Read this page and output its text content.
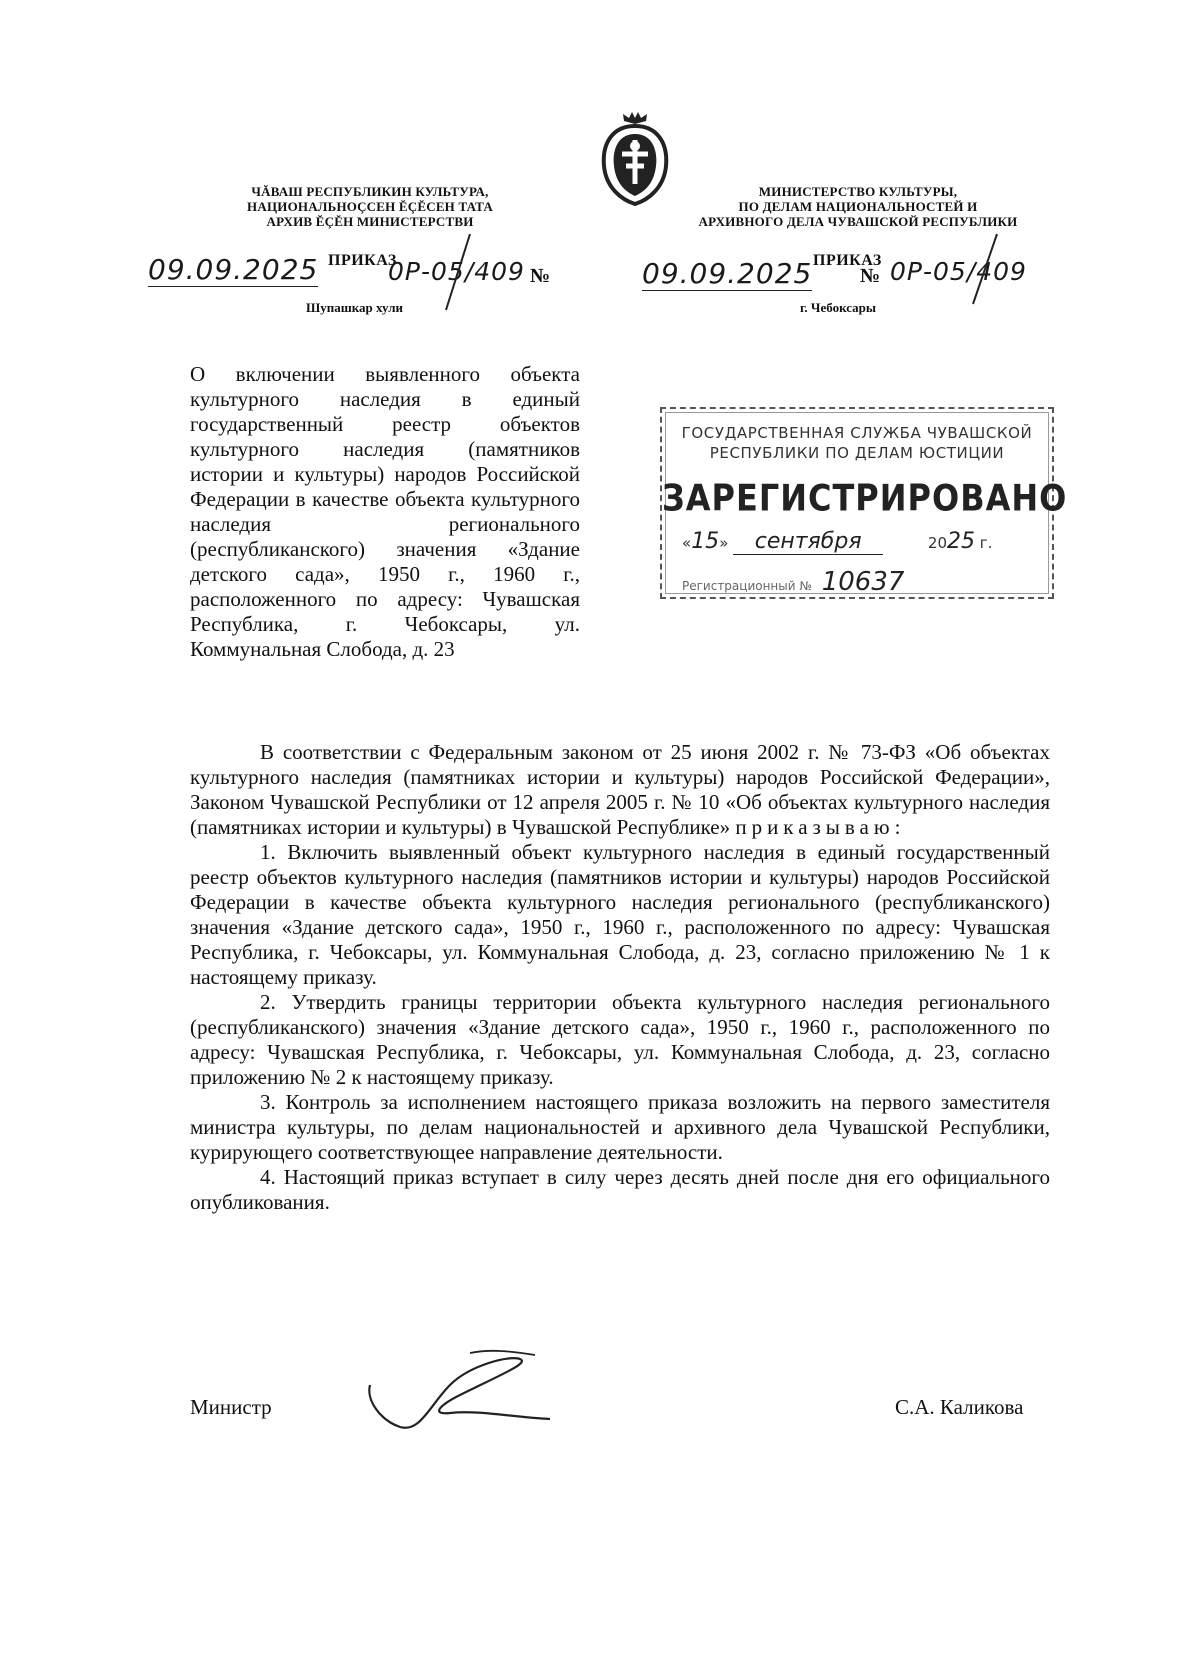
ЧĂВАШ РЕСПУБЛИКИН КУЛЬТУРА,
НАЦИОНАЛЬНОÇСЕН ĔÇĔСЕН ТАТА
АРХИВ ĔÇĔН МИНИСТЕРСТВИ
МИНИСТЕРСТВО КУЛЬТУРЫ,
ПО ДЕЛАМ НАЦИОНАЛЬНОСТЕЙ И
АРХИВНОГО ДЕЛА ЧУВАШСКОЙ РЕСПУБЛИКИ
ПРИКАЗ	ПРИКАЗ
09.09.2025	0Р-05/409 №
Шупашкар хули
09.09.2025 № 0Р-05/409
г. Чебоксары
О включении выявленного объекта культурного наследия в единый государственный реестр объектов культурного наследия (памятников истории и культуры) народов Российской Федерации в качестве объекта культурного наследия регионального (республиканского) значения «Здание детского сада», 1950 г., 1960 г., расположенного по адресу: Чувашская Республика, г. Чебоксары, ул. Коммунальная Слобода, д. 23
ГОСУДАРСТВЕННАЯ СЛУЖБА ЧУВАШСКОЙ
РЕСПУБЛИКИ ПО ДЕЛАМ ЮСТИЦИИ
ЗАРЕГИСТРИРОВАНО
«15» сентября	2025 г.
Регистрационный № 10637

В соответствии с Федеральным законом от 25 июня 2002 г. № 73-ФЗ «Об объектах культурного наследия (памятниках истории и культуры) народов Российской Федерации», Законом Чувашской Республики от 12 апреля 2005 г. № 10 «Об объектах культурного наследия (памятниках истории и культуры) в Чувашской Республике» приказываю:

1. Включить выявленный объект культурного наследия в единый государственный реестр объектов культурного наследия (памятников истории и культуры) народов Российской Федерации в качестве объекта культурного наследия регионального (республиканского) значения «Здание детского сада», 1950 г., 1960 г., расположенного по адресу: Чувашская Республика, г. Чебоксары, ул. Коммунальная Слобода, д. 23, согласно приложению № 1 к настоящему приказу.

2. Утвердить границы территории объекта культурного наследия регионального (республиканского) значения «Здание детского сада», 1950 г., 1960 г., расположенного по адресу: Чувашская Республика, г. Чебоксары, ул. Коммунальная Слобода, д. 23, согласно приложению № 2 к настоящему приказу.

3. Контроль за исполнением настоящего приказа возложить на первого заместителя министра культуры, по делам национальностей и архивного дела Чувашской Республики, курирующего соответствующее направление деятельности.

4. Настоящий приказ вступает в силу через десять дней после дня его официального опубликования.

Министр	С.А. Каликова
